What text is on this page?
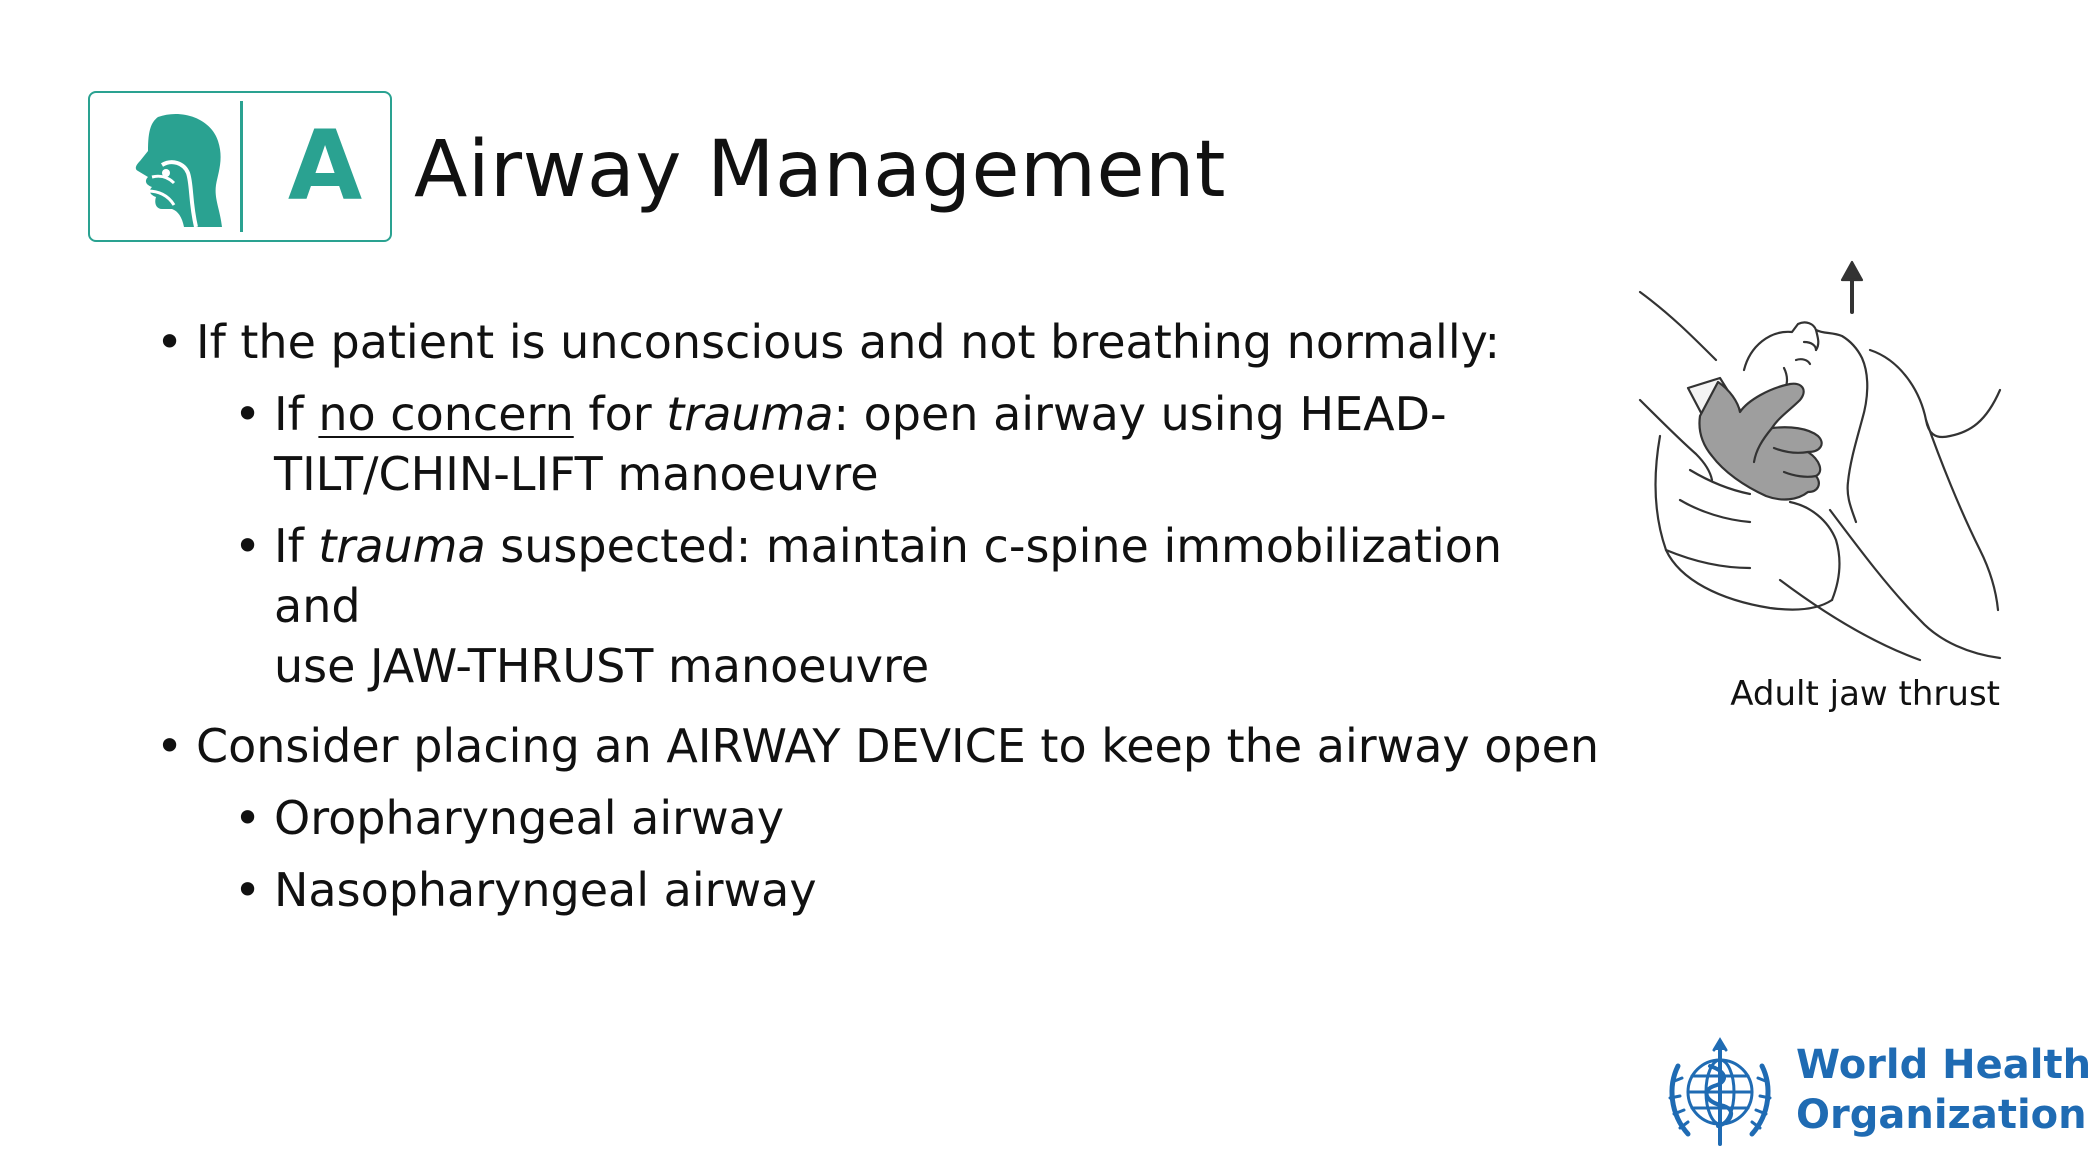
A Airway Management

• If the patient is unconscious and not breathing normally:

• If no concern for trauma: open airway using HEAD-
TILT/CHIN-LIFT manoeuvre

• If trauma suspected: maintain c-spine immobilization and
use JAW-THRUST manoeuvre

• Consider placing an AIRWAY DEVICE to keep the airway open

• Oropharyngeal airway

• Nasopharyngeal airway

Adult jaw thrust
World Health
Organization
